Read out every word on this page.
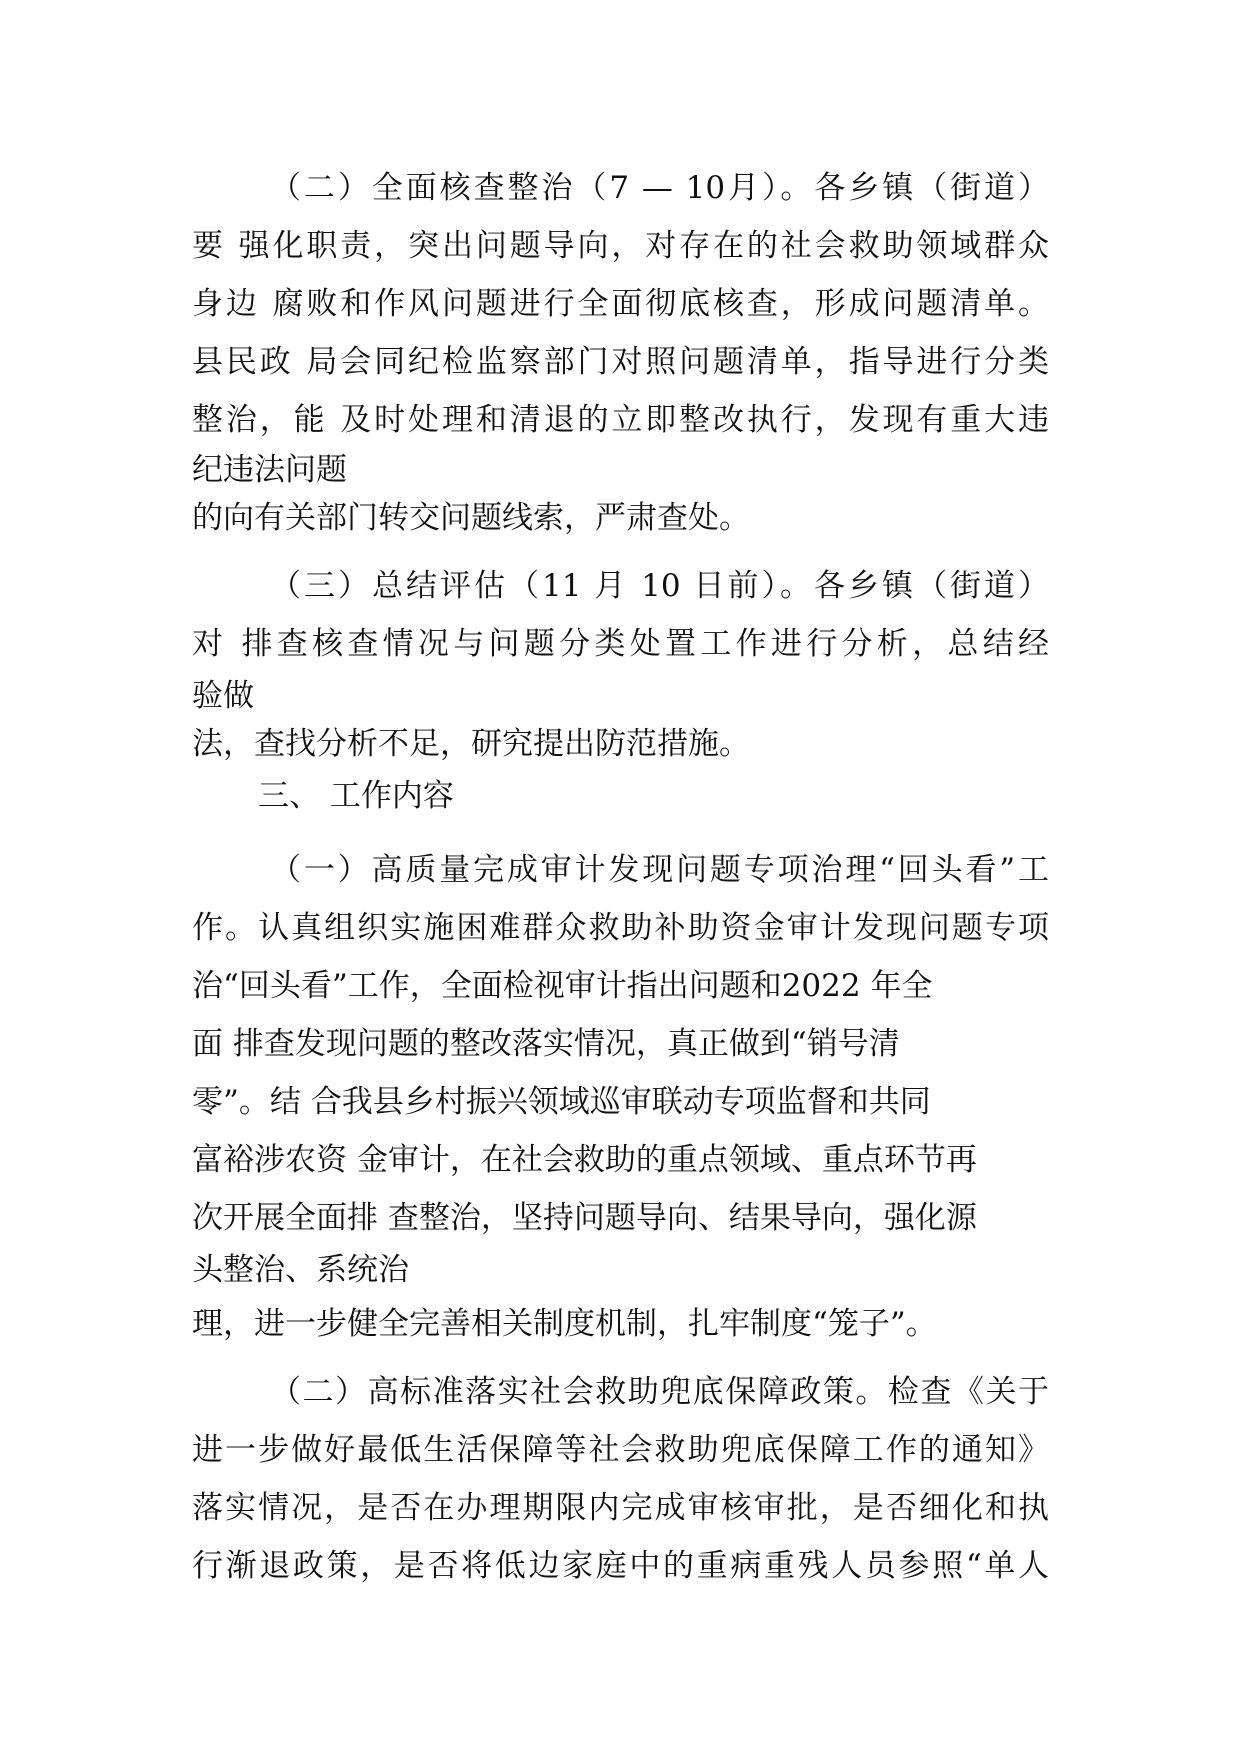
（二）全面核查整治（7 — 10月）。各乡镇（街道）
要 强化职责，突出问题导向，对存在的社会救助领域群众
身边 腐败和作风问题进行全面彻底核查，形成问题清单。
县民政 局会同纪检监察部门对照问题清单，指导进行分类
整治，能 及时处理和清退的立即整改执行，发现有重大违
纪违法问题
的向有关部门转交问题线索，严肃查处。
（三）总结评估（11 月 10 日前）。各乡镇（街道）
对 排查核查情况与问题分类处置工作进行分析，总结经
验做
法，查找分析不足，研究提出防范措施。
三、 工作内容
（一）高质量完成审计发现问题专项治理“回头看”工
作。认真组织实施困难群众救助补助资金审计发现问题专项
治“回头看”工作，全面检视审计指出问题和2022 年全
面 排查发现问题的整改落实情况，真正做到“销号清
零”。结 合我县乡村振兴领域巡审联动专项监督和共同
富裕涉农资 金审计，在社会救助的重点领域、重点环节再
次开展全面排 查整治，坚持问题导向、结果导向，强化源
头整治、系统治
理，进一步健全完善相关制度机制，扎牢制度“笼子”。
（二）高标准落实社会救助兜底保障政策。检查《关于
进一步做好最低生活保障等社会救助兜底保障工作的通知》
落实情况，是否在办理期限内完成审核审批，是否细化和执
行渐退政策，是否将低边家庭中的重病重残人员参照“单人
